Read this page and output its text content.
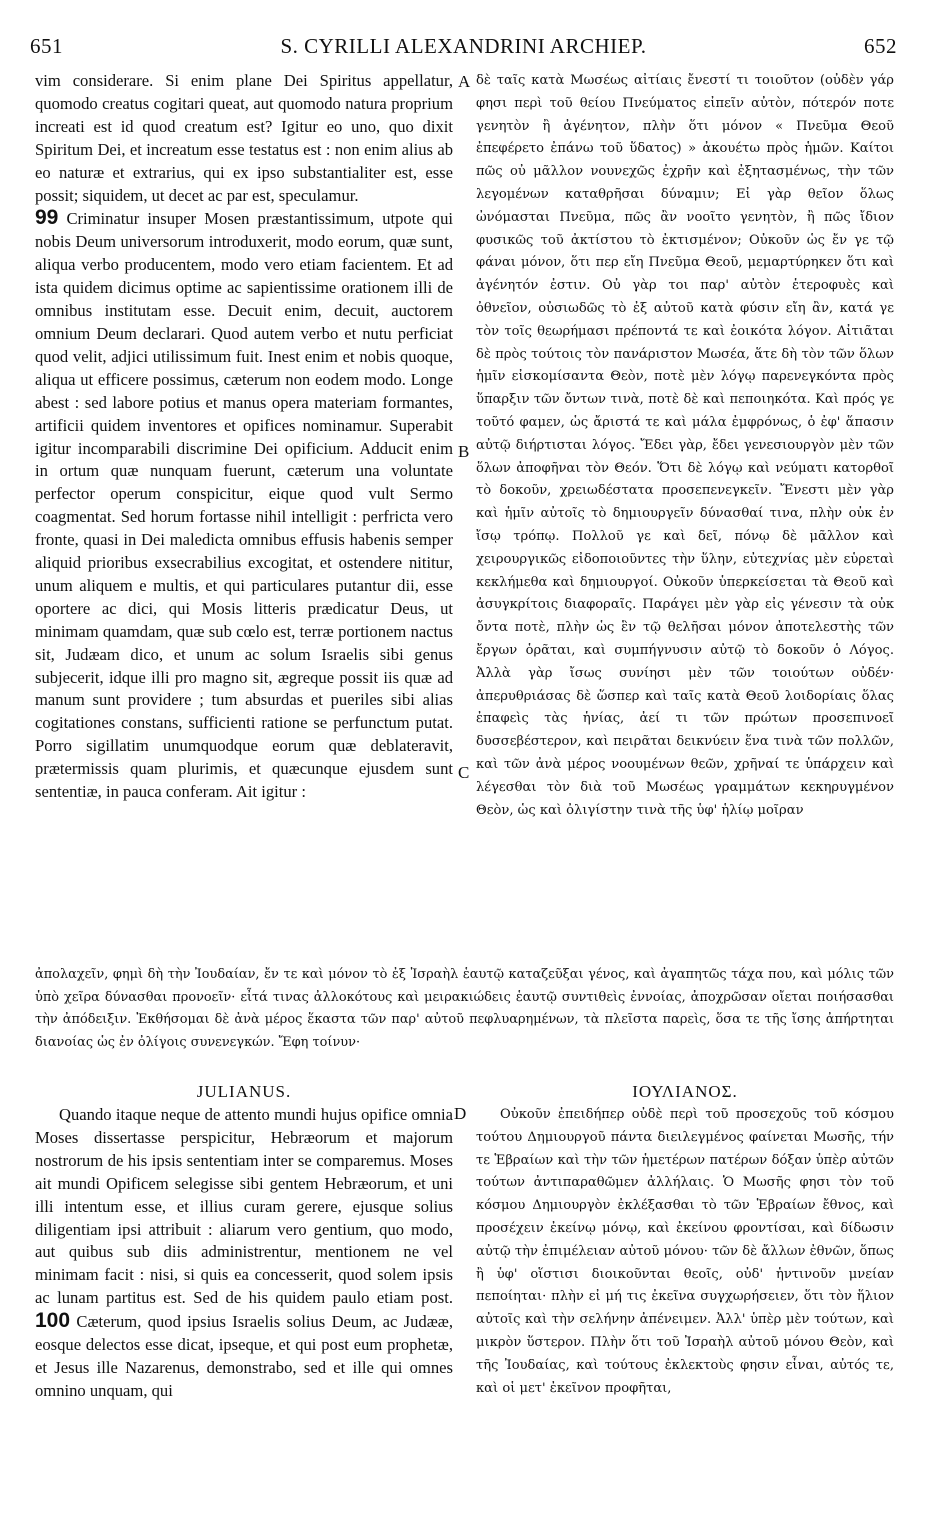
651	S. CYRILLI ALEXANDRINI ARCHIEP.	652

vim considerare. Si enim plane Dei Spiritus appellatur, quomodo creatus cogitari queat, aut quomodo natura proprium increati est id quod creatum est? Igitur eo uno, quo dixit Spiritum Dei, et increatum esse testatus est : non enim alius ab eo naturæ et extrarius, qui ex ipso substantialiter est, esse possit; siquidem, ut decet ac par est, speculamur.
99 Criminatur insuper Mosen præstantissimum, utpote qui nobis Deum universorum introduxerit, modo eorum, quæ sunt, aliqua verbo producentem, modo vero etiam facientem. Et ad ista quidem dicimus optime ac sapientissime orationem illi de omnibus institutam esse. Decuit enim, decuit, auctorem omnium Deum declarari. Quod autem verbo et nutu perficiat quod velit, adjici utilissimum fuit. Inest enim et nobis quoque, aliqua ut efficere possimus, cæterum non eodem modo. Longe abest : sed labore potius et manus opera materiam formantes, artificii quidem inventores et opifices nominamur. Superabit igitur incomparabili discrimine Dei opificium. Adducit enim in ortum quæ nunquam fuerunt, cæterum una voluntate perfector operum conspicitur, eique quod vult Sermo coagmentat. Sed horum fortasse nihil intelligit : perfricta vero fronte, quasi in Dei maledicta omnibus effusis habenis semper aliquid prioribus exsecrabilius excogitat, et ostendere nititur, unum aliquem e multis, et qui particulares putantur dii, esse oportere ac dici, qui Mosis litteris prædicatur Deus, ut minimam quamdam, quæ sub cœlo est, terræ portionem nactus sit, Judæam dico, et unum ac solum Israelis sibi genus subjecerit, idque illi pro magno sit, ægreque possit iis quæ ad manum sunt providere ; tum absurdas et pueriles sibi alias cogitationes constans, sufficienti ratione se perfunctum putat. Porro sigillatim unumquodque eorum quæ deblateravit, prætermissis quam plurimis, et quæcunque ejusdem sunt sententiæ, in pauca conferam. Ait igitur :

A
B
C
D

δὲ ταῖς κατὰ Μωσέως αἰτίαις ἔνεστί τι τοιοῦτον (οὐδὲν γάρ φησι περὶ τοῦ θείου Πνεύματος εἰπεῖν αὐτὸν, πότερόν ποτε γενητὸν ἢ ἀγένητον, πλὴν ὅτι μόνον « Πνεῦμα Θεοῦ ἐπεφέρετο ἐπάνω τοῦ ὕδατος) » ἀκουέτω πρὸς ἡμῶν. Καίτοι πῶς οὐ μᾶλλον νουνεχῶς ἐχρῆν καὶ ἐξητασμένως, τὴν τῶν λεγομένων καταθρῆσαι δύναμιν; Εἰ γὰρ θεῖον ὅλως ὠνόμασται Πνεῦμα, πῶς ἂν νοοῖτο γενητὸν, ἢ πῶς ἴδιον φυσικῶς τοῦ ἀκτίστου τὸ ἐκτισμένον; Οὐκοῦν ὡς ἔν γε τῷ φάναι μόνον, ὅτι περ εἴη Πνεῦμα Θεοῦ, μεμαρτύρηκεν ὅτι καὶ ἀγένητόν ἐστιν. Οὐ γὰρ τοι παρ' αὐτὸν ἑτεροφυὲς καὶ ὀθνεῖον, οὐσιωδῶς τὸ ἐξ αὐτοῦ κατὰ φύσιν εἴη ἂν, κατά γε τὸν τοῖς θεωρήμασι πρέποντά τε καὶ ἐοικότα λόγον. Αἰτιᾶται δὲ πρὸς τούτοις τὸν πανάριστον Μωσέα, ἅτε δὴ τὸν τῶν ὅλων ἡμῖν εἰσκομίσαντα Θεὸν, ποτὲ μὲν λόγῳ παρενεγκόντα πρὸς ὕπαρξιν τῶν ὄντων τινὰ, ποτὲ δὲ καὶ πεποιηκότα. Καὶ πρός γε τοῦτό φαμεν, ὡς ἄριστά τε καὶ μάλα ἐμφρόνως, ὁ ἐφ' ἅπασιν αὐτῷ διήρτισται λόγος. Ἔδει γὰρ, ἔδει γενεσιουργὸν μὲν τῶν ὅλων ἀποφῆναι τὸν Θεόν. Ὅτι δὲ λόγῳ καὶ νεύματι κατορθοῖ τὸ δοκοῦν, χρειωδέστατα προσεπενεγκεῖν. Ἔνεστι μὲν γὰρ καὶ ἡμῖν αὐτοῖς τὸ δημιουργεῖν δύνασθαί τινα, πλὴν οὐκ ἐν ἴσῳ τρόπῳ. Πολλοῦ γε καὶ δεῖ, πόνῳ δὲ μᾶλλον καὶ χειρουργικῶς εἰδοποιοῦντες τὴν ὕλην, εὐτεχνίας μὲν εὑρεταὶ κεκλήμεθα καὶ δημιουργοί. Οὐκοῦν ὑπερκείσεται τὰ Θεοῦ καὶ ἀσυγκρίτοις διαφοραῖς. Παράγει μὲν γὰρ εἰς γένεσιν τὰ οὐκ ὄντα ποτὲ, πλὴν ὡς ἓν τῷ θελῆσαι μόνον ἀποτελεστὴς τῶν ἔργων ὁρᾶται, καὶ συμπήγνυσιν αὐτῷ τὸ δοκοῦν ὁ Λόγος. Ἀλλὰ γὰρ ἴσως συνίησι μὲν τῶν τοιούτων οὐδέν· ἀπερυθριάσας δὲ ὥσπερ καὶ ταῖς κατὰ Θεοῦ λοιδορίαις ὅλας ἐπαφεὶς τὰς ἡνίας, ἀεί τι τῶν πρώτων προσεπινοεῖ δυσσεβέστερον, καὶ πειρᾶται δεικνύειν ἕνα τινὰ τῶν πολλῶν, καὶ τῶν ἀνὰ μέρος νοουμένων θεῶν, χρῆναί τε ὑπάρχειν καὶ λέγεσθαι τὸν διὰ τοῦ Μωσέως γραμμάτων κεκηρυγμένον Θεὸν, ὡς καὶ ὀλιγίστην τινὰ τῆς ὑφ' ἡλίῳ μοῖραν

ἀπολαχεῖν, φημὶ δὴ τὴν Ἰουδαίαν, ἔν τε καὶ μόνον τὸ ἐξ Ἰσραὴλ ἑαυτῷ καταζεῦξαι γένος, καὶ ἀγαπητῶς τάχα που, καὶ μόλις τῶν ὑπὸ χεῖρα δύνασθαι προνοεῖν· εἶτά τινας ἀλλοκότους καὶ μειρακιώδεις ἑαυτῷ συντιθεὶς ἐννοίας, ἀποχρῶσαν οἴεται ποιήσασθαι τὴν ἀπόδειξιν. Ἐκθήσομαι δὲ ἀνὰ μέρος ἕκαστα τῶν παρ' αὐτοῦ πεφλυαρημένων, τὰ πλεῖστα παρεὶς, ὅσα τε τῆς ἴσης ἀπήρτηται διανοίας ὡς ἐν ὀλίγοις συνενεγκών. Ἔφη τοίνυν·

JULIANUS.	ΙΟΥΛΙΑΝΟΣ.

Quando itaque neque de attento mundi hujus opifice omnia Moses dissertasse perspicitur, Hebræorum et majorum nostrorum de his ipsis sententiam inter se comparemus. Moses ait mundi Opificem selegisse sibi gentem Hebræorum, et uni illi intentum esse, et illius curam gerere, ejusque solius diligentiam ipsi attribuit : aliarum vero gentium, quo modo, aut quibus sub diis administrentur, mentionem ne vel minimam facit : nisi, si quis ea concesserit, quod solem ipsis ac lunam partitus est. Sed de his quidem paulo etiam post. 100 Cæterum, quod ipsius Israelis solius Deum, ac Judææ, eosque delectos esse dicat, ipseque, et qui post eum prophetæ, et Jesus ille Nazarenus, demonstrabo, sed et ille qui omnes omnino unquam, qui

Οὐκοῦν ἐπειδήπερ οὐδὲ περὶ τοῦ προσεχοῦς τοῦ κόσμου τούτου Δημιουργοῦ πάντα διειλεγμένος φαίνεται Μωσῆς, τήν τε Ἑβραίων καὶ τὴν τῶν ἡμετέρων πατέρων δόξαν ὑπὲρ αὐτῶν τούτων ἀντιπαραθῶμεν ἀλλήλαις. Ὁ Μωσῆς φησι τὸν τοῦ κόσμου Δημιουργὸν ἐκλέξασθαι τὸ τῶν Ἑβραίων ἔθνος, καὶ προσέχειν ἐκείνῳ μόνῳ, καὶ ἐκείνου φροντίσαι, καὶ δίδωσιν αὐτῷ τὴν ἐπιμέλειαν αὐτοῦ μόνου· τῶν δὲ ἄλλων ἐθνῶν, ὅπως ἢ ὑφ' οἵστισι διοικοῦνται θεοῖς, οὐδ' ἡντινοῦν μνείαν πεποίηται· πλὴν εἰ μή τις ἐκεῖνα συγχωρήσειεν, ὅτι τὸν ἥλιον αὐτοῖς καὶ τὴν σελήνην ἀπένειμεν. Ἀλλ' ὑπὲρ μὲν τούτων, καὶ μικρὸν ὕστερον. Πλὴν ὅτι τοῦ Ἰσραὴλ αὐτοῦ μόνου Θεὸν, καὶ τῆς Ἰουδαίας, καὶ τούτους ἐκλεκτοὺς φησιν εἶναι, αὐτός τε, καὶ οἱ μετ' ἐκεῖνον προφῆται,
